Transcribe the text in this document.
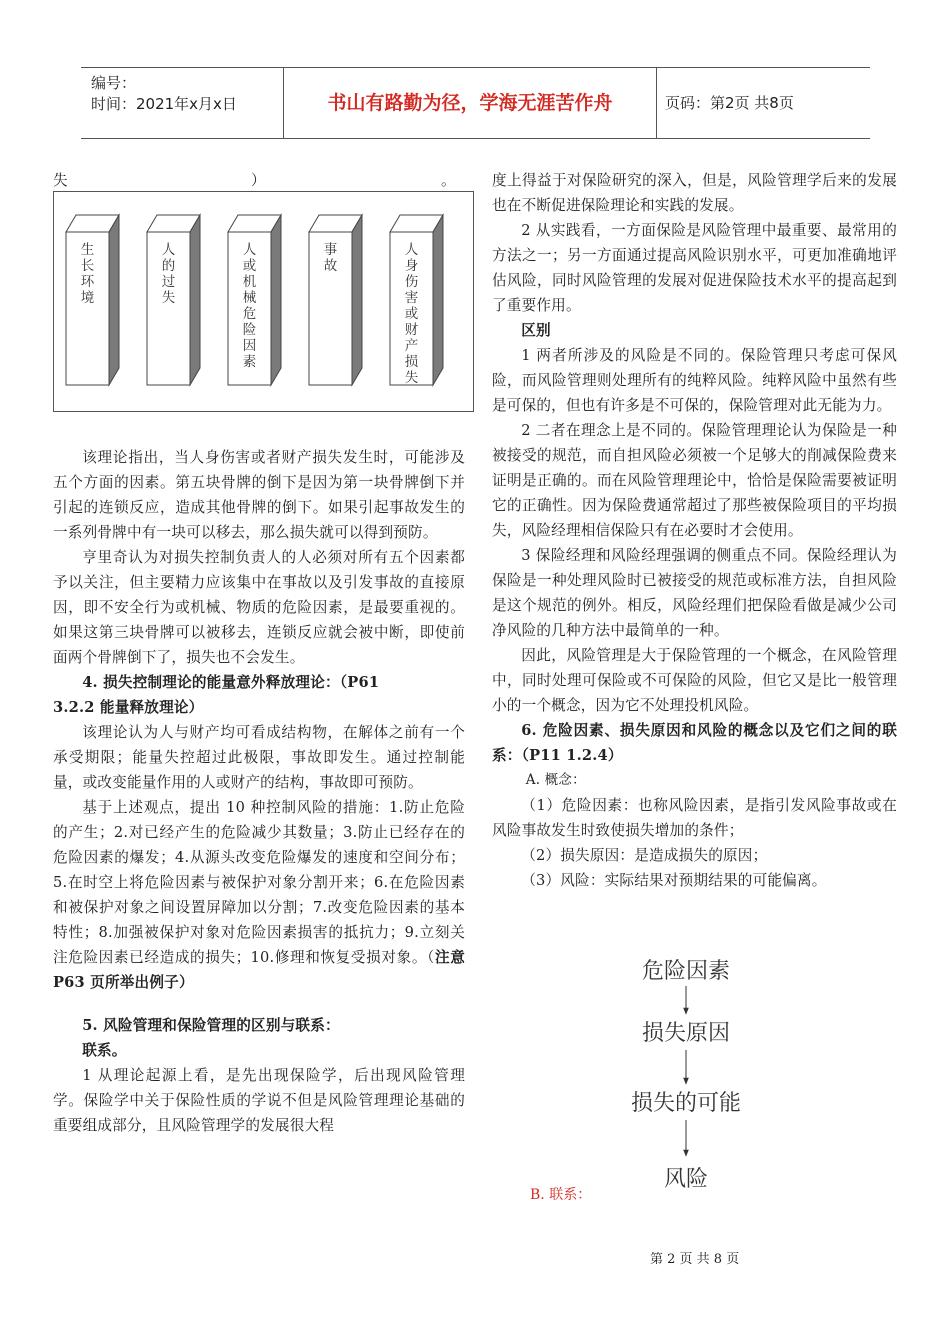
编号：
时间：2021年x月x日	书山有路勤为径，学海无涯苦作舟	页码：第2页 共8页
失	）	。
生
长
环
境
人
的
过
失
人
或
机
械
危
险
因
素
事
故
人
身
伤
害
或
财
产
损
失

该理论指出，当人身伤害或者财产损失发生时，可能涉及五个方面的因素。第五块骨牌的倒下是因为第一块骨牌倒下并引起的连锁反应，造成其他骨牌的倒下。如果引起事故发生的一系列骨牌中有一块可以移去，那么损失就可以得到预防。

亨里奇认为对损失控制负责人的人必须对所有五个因素都予以关注，但主要精力应该集中在事故以及引发事故的直接原因，即不安全行为或机械、物质的危险因素，是最要重视的。如果这第三块骨牌可以被移去，连锁反应就会被中断，即使前面两个骨牌倒下了，损失也不会发生。

4. 损失控制理论的能量意外释放理论：（P61

3.2.2 能量释放理论）

该理论认为人与财产均可看成结构物，在解体之前有一个承受期限；能量失控超过此极限，事故即发生。通过控制能量，或改变能量作用的人或财产的结构，事故即可预防。

基于上述观点，提出 10 种控制风险的措施：1.防止危险的产生；2.对已经产生的危险减少其数量；3.防止已经存在的危险因素的爆发；4.从源头改变危险爆发的速度和空间分布；5.在时空上将危险因素与被保护对象分割开来；6.在危险因素和被保护对象之间设置屏障加以分割；7.改变危险因素的基本特性；8.加强被保护对象对危险因素损害的抵抗力；9.立刻关注危险因素已经造成的损失；10.修理和恢复受损对象。（注意 P63 页所举出例子）

5. 风险管理和保险管理的区别与联系：

联系。

1 从理论起源上看，是先出现保险学，后出现风险管理学。保险学中关于保险性质的学说不但是风险管理理论基础的重要组成部分，且风险管理学的发展很大程

度上得益于对保险研究的深入，但是，风险管理学后来的发展也在不断促进保险理论和实践的发展。

2 从实践看，一方面保险是风险管理中最重要、最常用的方法之一；另一方面通过提高风险识别水平，可更加准确地评估风险，同时风险管理的发展对促进保险技术水平的提高起到了重要作用。

区别

1 两者所涉及的风险是不同的。保险管理只考虑可保风险，而风险管理则处理所有的纯粹风险。纯粹风险中虽然有些是可保的，但也有许多是不可保的，保险管理对此无能为力。

2 二者在理念上是不同的。保险管理理论认为保险是一种被接受的规范，而自担风险必须被一个足够大的削减保险费来证明是正确的。而在风险管理理论中，恰恰是保险需要被证明它的正确性。因为保险费通常超过了那些被保险项目的平均损失，风险经理相信保险只有在必要时才会使用。

3 保险经理和风险经理强调的侧重点不同。保险经理认为保险是一种处理风险时已被接受的规范或标准方法，自担风险是这个规范的例外。相反，风险经理们把保险看做是减少公司净风险的几种方法中最简单的一种。

因此，风险管理是大于保险管理的一个概念，在风险管理中，同时处理可保险或不可保险的风险，但它又是比一般管理小的一个概念，因为它不处理投机风险。

6. 危险因素、损失原因和风险的概念以及它们之间的联系：（P11 1.2.4）

A. 概念：

（1）危险因素：也称风险因素，是指引发风险事故或在风险事故发生时致使损失增加的条件；

（2）损失原因：是造成损失的原因；

（3）风险：实际结果对预期结果的可能偏离。

危险因素
损失原因
损失的可能
风险
B. 联系：
第 2 页 共 8 页
